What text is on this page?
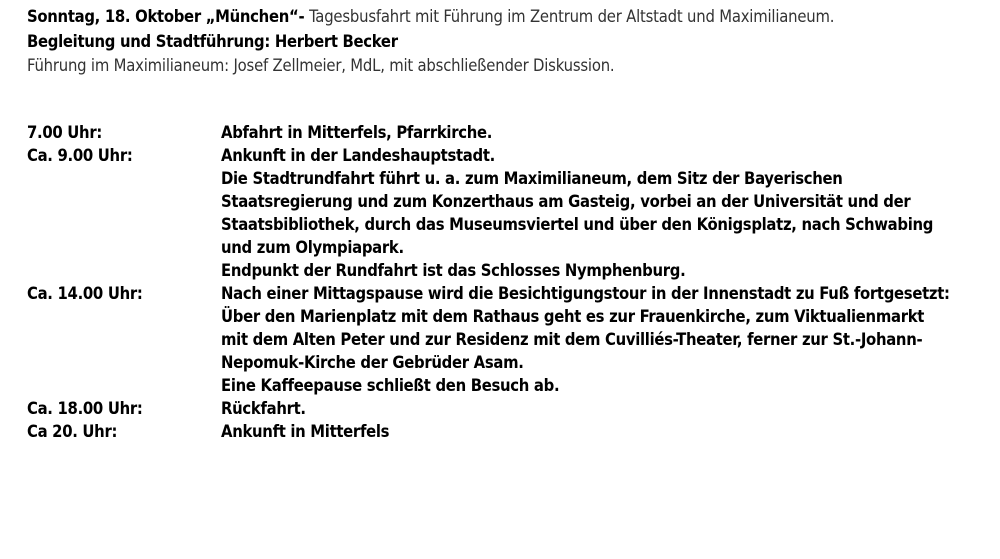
Sonntag, 18. Oktober „München“- Tagesbusfahrt mit Führung im Zentrum der Altstadt und Maximilianeum.
Begleitung und Stadtführung: Herbert Becker
Führung im Maximilianeum: Josef Zellmeier, MdL, mit abschließender Diskussion.
7.00 Uhr:	Abfahrt in Mitterfels, Pfarrkirche.
Ca. 9.00 Uhr:	Ankunft in der Landeshauptstadt.
Die Stadtrundfahrt führt u. a. zum Maximilianeum, dem Sitz der Bayerischen
Staatsregierung und zum Konzerthaus am Gasteig, vorbei an der Universität und der
Staatsbibliothek, durch das Museumsviertel und über den Königsplatz, nach Schwabing
und zum Olympiapark.
Endpunkt der Rundfahrt ist das Schlosses Nymphenburg.
Ca. 14.00 Uhr:	Nach einer Mittagspause wird die Besichtigungstour in der Innenstadt zu Fuß fortgesetzt:
Über den Marienplatz mit dem Rathaus geht es zur Frauenkirche, zum Viktualienmarkt
mit dem Alten Peter und zur Residenz mit dem Cuvilliés-Theater, ferner zur St.-Johann-
Nepomuk-Kirche der Gebrüder Asam.
Eine Kaffeepause schließt den Besuch ab.
Ca. 18.00 Uhr:	Rückfahrt.
Ca 20. Uhr:	Ankunft in Mitterfels
